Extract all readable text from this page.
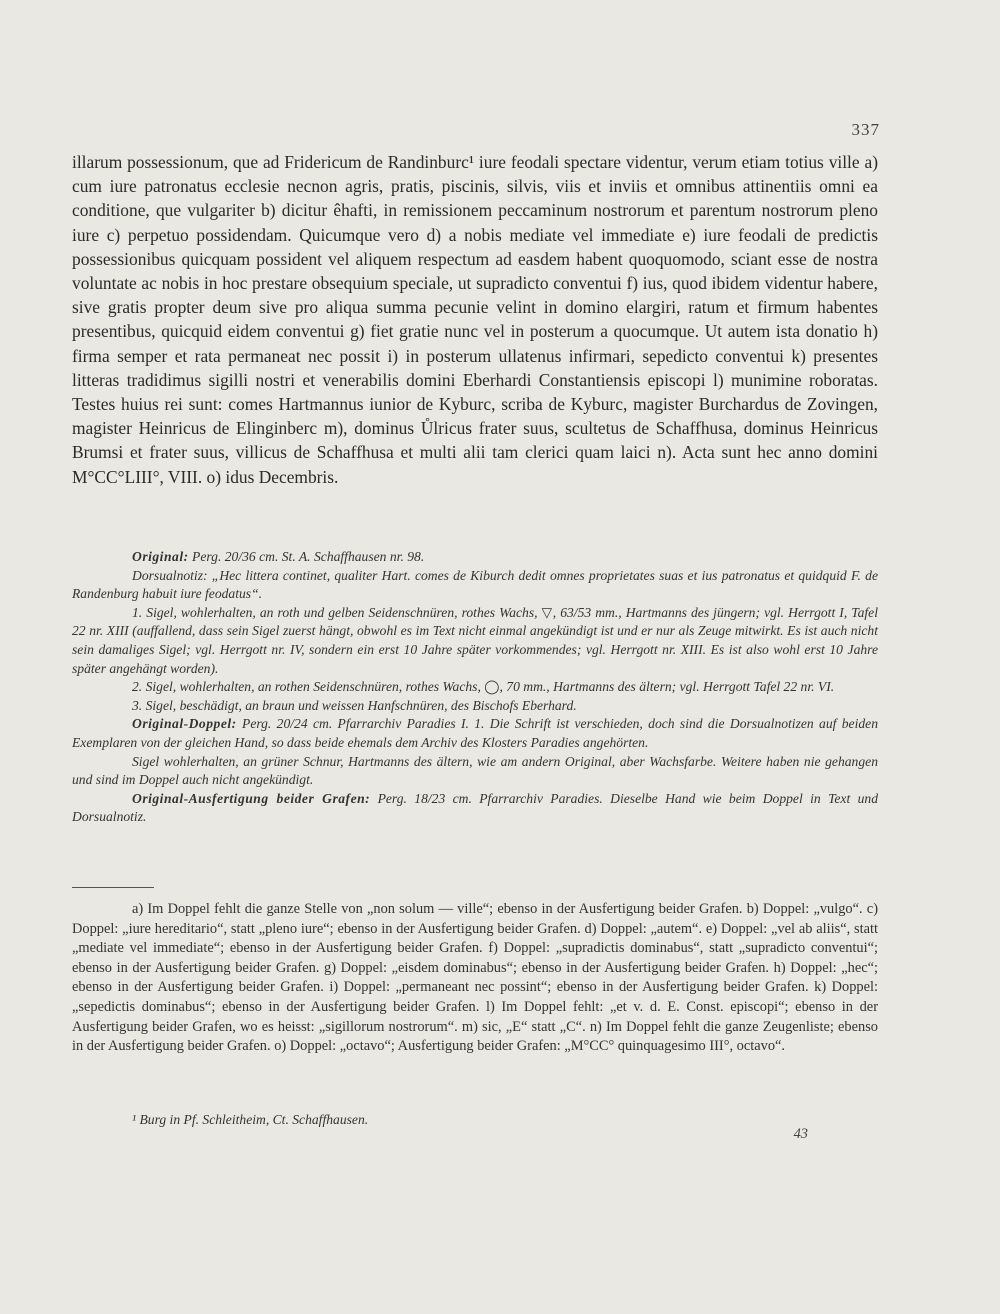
337

illarum possessionum, que ad Fridericum de Randinburc¹ iure feodali spectare videntur, verum etiam totius ville a) cum iure patronatus ecclesie necnon agris, pratis, piscinis, silvis, viis et inviis et omnibus attinentiis omni ea conditione, que vulgariter b) dicitur êhafti, in remissionem peccaminum nostrorum et parentum nostrorum pleno iure c) perpetuo possidendam. Quicumque vero d) a nobis mediate vel immediate e) iure feodali de predictis possessionibus quicquam possident vel aliquem respectum ad easdem habent quoquomodo, sciant esse de nostra voluntate ac nobis in hoc prestare obsequium speciale, ut supradicto conventui f) ius, quod ibidem videntur habere, sive gratis propter deum sive pro aliqua summa pecunie velint in domino elargiri, ratum et firmum habentes presentibus, quicquid eidem conventui g) fiet gratie nunc vel in posterum a quocumque. Ut autem ista donatio h) firma semper et rata permaneat nec possit i) in posterum ullatenus infirmari, sepedicto conventui k) presentes litteras tradidimus sigilli nostri et venerabilis domini Eberhardi Constantiensis episcopi l) munimine roboratas. Testes huius rei sunt: comes Hartmannus iunior de Kyburc, scriba de Kyburc, magister Burchardus de Zovingen, magister Heinricus de Elinginberc m), dominus Ůlricus frater suus, scultetus de Schaffhusa, dominus Heinricus Brumsi et frater suus, villicus de Schaffhusa et multi alii tam clerici quam laici n). Acta sunt hec anno domini M°CC°LIII°, VIII. o) idus Decembris.

Original: Perg. 20/36 cm. St. A. Schaffhausen nr. 98.

Dorsualnotiz: „Hec littera continet, qualiter Hart. comes de Kiburch dedit omnes proprietates suas et ius patronatus et quidquid F. de Randenburg habuit iure feodatus“.

1. Sigel, wohlerhalten, an roth und gelben Seidenschnüren, rothes Wachs, ▽, 63/53 mm., Hartmanns des jüngern; vgl. Herrgott I, Tafel 22 nr. XIII (auffallend, dass sein Sigel zuerst hängt, obwohl es im Text nicht einmal angekündigt ist und er nur als Zeuge mitwirkt. Es ist auch nicht sein damaliges Sigel; vgl. Herrgott nr. IV, sondern ein erst 10 Jahre später vorkommendes; vgl. Herrgott nr. XIII. Es ist also wohl erst 10 Jahre später angehängt worden).

2. Sigel, wohlerhalten, an rothen Seidenschnüren, rothes Wachs, ◯, 70 mm., Hartmanns des ältern; vgl. Herrgott Tafel 22 nr. VI.

3. Sigel, beschädigt, an braun und weissen Hanfschnüren, des Bischofs Eberhard.

Original-Doppel: Perg. 20/24 cm. Pfarrarchiv Paradies I. 1. Die Schrift ist verschieden, doch sind die Dorsualnotizen auf beiden Exemplaren von der gleichen Hand, so dass beide ehemals dem Archiv des Klosters Paradies angehörten.

Sigel wohlerhalten, an grüner Schnur, Hartmanns des ältern, wie am andern Original, aber Wachsfarbe. Weitere haben nie gehangen und sind im Doppel auch nicht angekündigt.

Original-Ausfertigung beider Grafen: Perg. 18/23 cm. Pfarrarchiv Paradies. Dieselbe Hand wie beim Doppel in Text und Dorsualnotiz.

a) Im Doppel fehlt die ganze Stelle von „non solum — ville“; ebenso in der Ausfertigung beider Grafen. b) Doppel: „vulgo“. c) Doppel: „iure hereditario“, statt „pleno iure“; ebenso in der Ausfertigung beider Grafen. d) Doppel: „autem“. e) Doppel: „vel ab aliis“, statt „mediate vel immediate“; ebenso in der Ausfertigung beider Grafen. f) Doppel: „supradictis dominabus“, statt „supradicto conventui“; ebenso in der Ausfertigung beider Grafen. g) Doppel: „eisdem dominabus“; ebenso in der Ausfertigung beider Grafen. h) Doppel: „hec“; ebenso in der Ausfertigung beider Grafen. i) Doppel: „permaneant nec possint“; ebenso in der Ausfertigung beider Grafen. k) Doppel: „sepedictis dominabus“; ebenso in der Ausfertigung beider Grafen. l) Im Doppel fehlt: „et v. d. E. Const. episcopi“; ebenso in der Ausfertigung beider Grafen, wo es heisst: „sigillorum nostrorum“. m) sic, „E“ statt „C“. n) Im Doppel fehlt die ganze Zeugenliste; ebenso in der Ausfertigung beider Grafen. o) Doppel: „octavo“; Ausfertigung beider Grafen: „M°CC° quinquagesimo III°, octavo“.

¹ Burg in Pf. Schleitheim, Ct. Schaffhausen.

43
